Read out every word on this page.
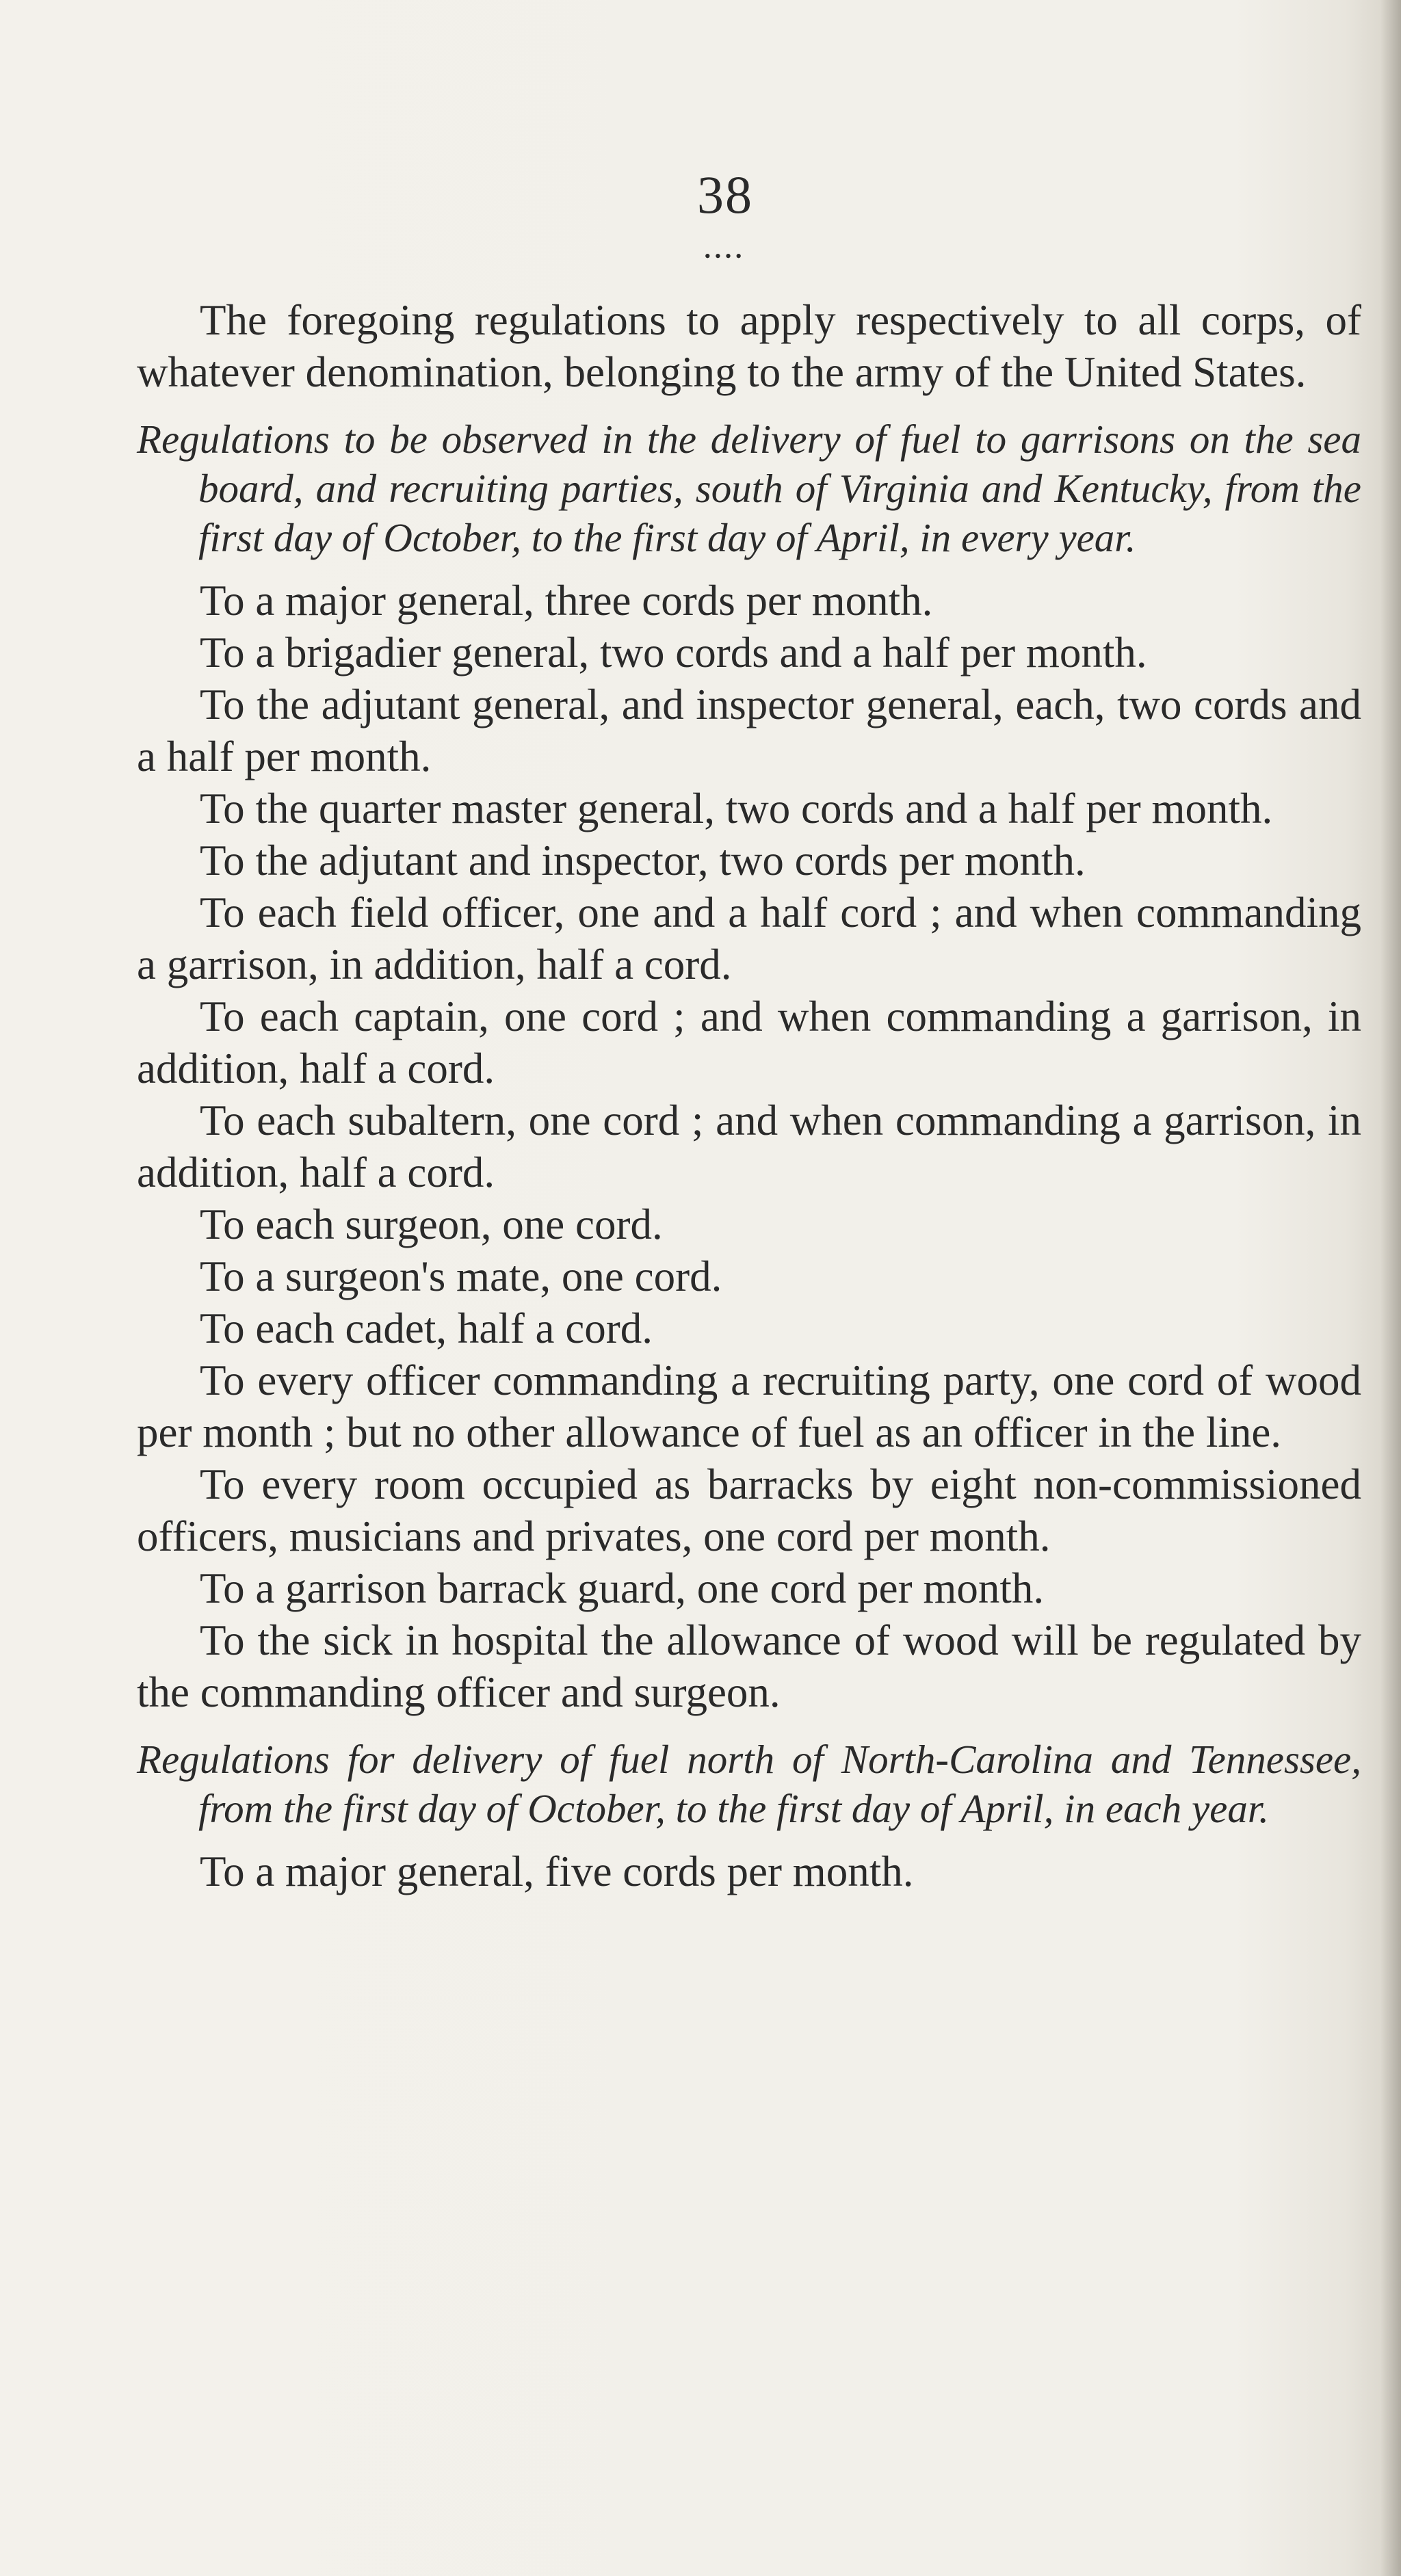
38
••••

The foregoing regulations to apply respectively to all corps, of whatever denomination, belonging to the army of the United States.

Regulations to be observed in the delivery of fuel to garrisons on the sea board, and recruiting parties, south of Virginia and Kentucky, from the first day of October, to the first day of April, in every year.

To a major general, three cords per month.

To a brigadier general, two cords and a half per month.

To the adjutant general, and inspector general, each, two cords and a half per month.

To the quarter master general, two cords and a half per month.

To the adjutant and inspector, two cords per month.

To each field officer, one and a half cord ; and when commanding a garrison, in addition, half a cord.

To each captain, one cord ; and when commanding a garrison, in addition, half a cord.

To each subaltern, one cord ; and when commanding a garrison, in addition, half a cord.

To each surgeon, one cord.

To a surgeon's mate, one cord.

To each cadet, half a cord.

To every officer commanding a recruiting party, one cord of wood per month ; but no other allowance of fuel as an officer in the line.

To every room occupied as barracks by eight non-commissioned officers, musicians and privates, one cord per month.

To a garrison barrack guard, one cord per month.

To the sick in hospital the allowance of wood will be regulated by the commanding officer and surgeon.

Regulations for delivery of fuel north of North-Carolina and Tennessee, from the first day of October, to the first day of April, in each year.

To a major general, five cords per month.
